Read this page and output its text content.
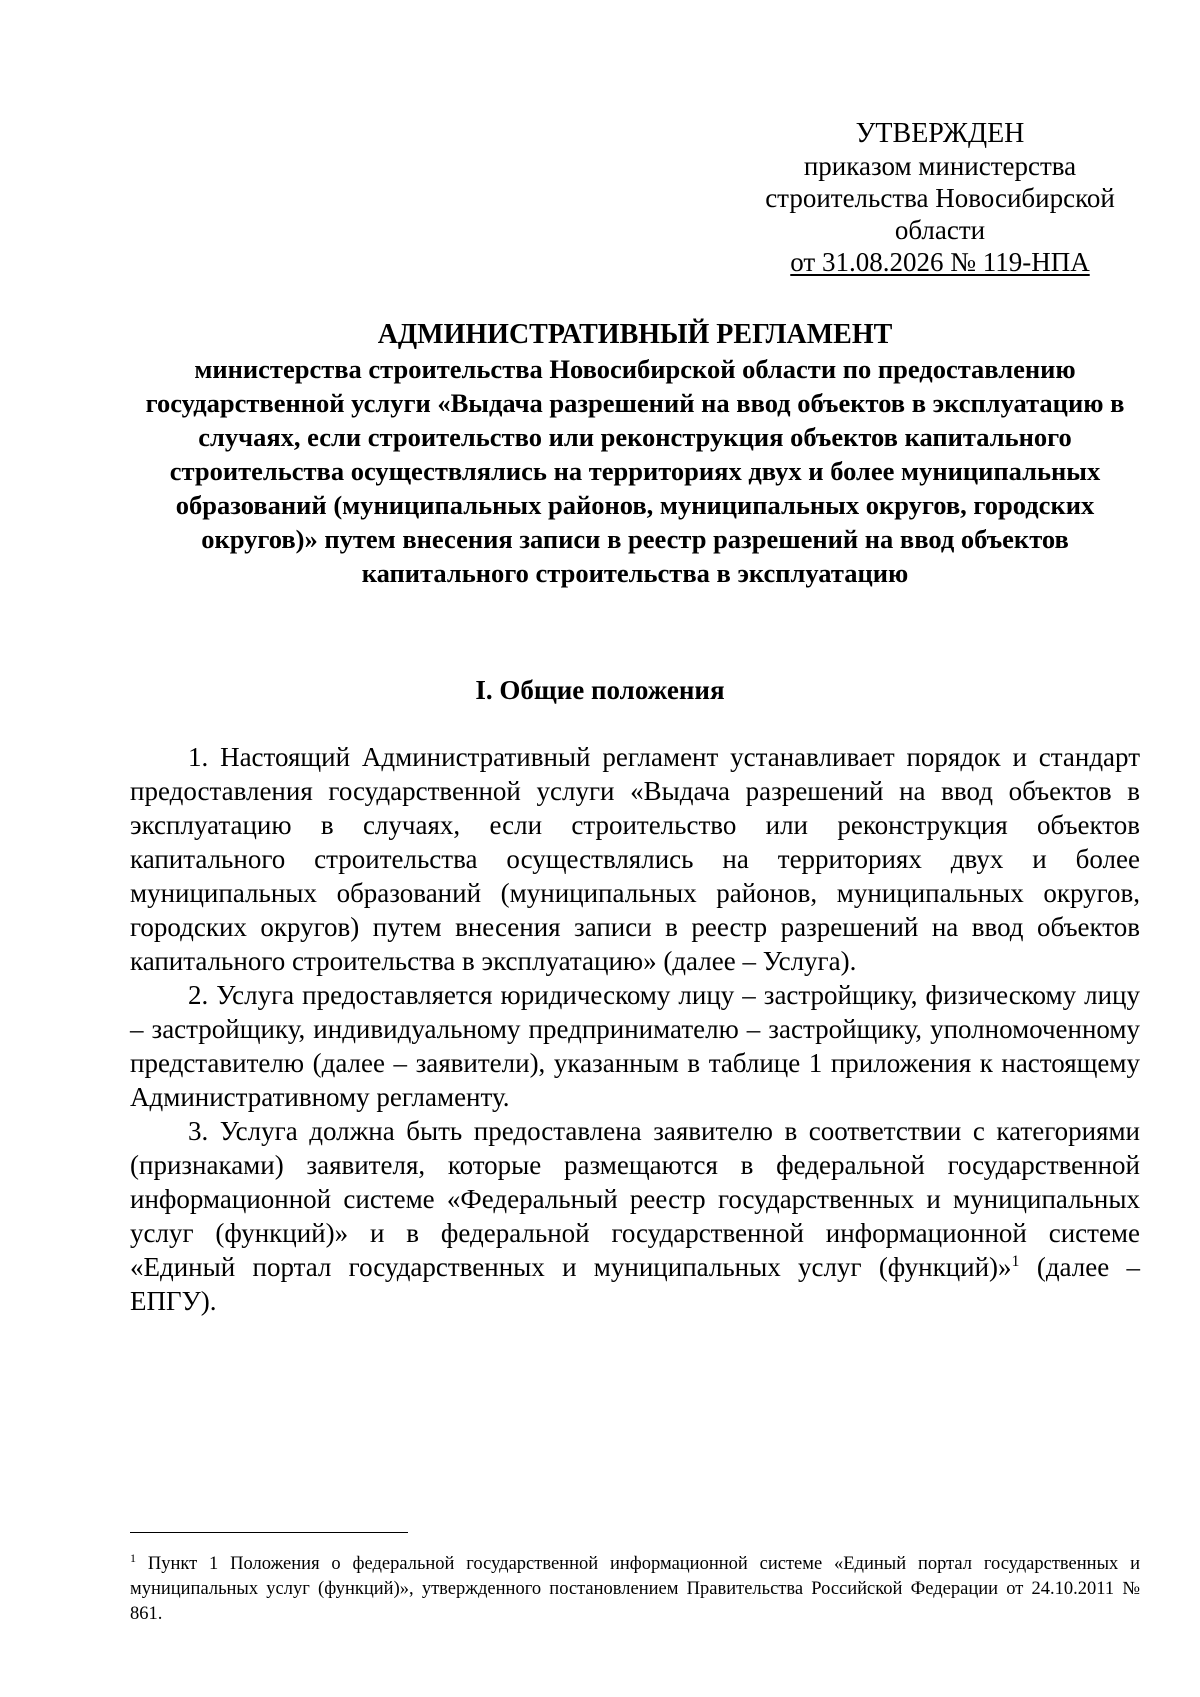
УТВЕРЖДЕН
приказом министерства
строительства Новосибирской
области
от 31.08.2026 № 119-НПА
АДМИНИСТРАТИВНЫЙ РЕГЛАМЕНТ
министерства строительства Новосибирской области по предоставлению государственной услуги «Выдача разрешений на ввод объектов в эксплуатацию в случаях, если строительство или реконструкция объектов капитального строительства осуществлялись на территориях двух и более муниципальных образований (муниципальных районов, муниципальных округов, городских округов)» путем внесения записи в реестр разрешений на ввод объектов капитального строительства в эксплуатацию
I. Общие положения

1. Настоящий Административный регламент устанавливает порядок и стандарт предоставления государственной услуги «Выдача разрешений на ввод объектов в эксплуатацию в случаях, если строительство или реконструкция объектов капитального строительства осуществлялись на территориях двух и более муниципальных образований (муниципальных районов, муниципальных округов, городских округов) путем внесения записи в реестр разрешений на ввод объектов капитального строительства в эксплуатацию» (далее – Услуга).

2. Услуга предоставляется юридическому лицу – застройщику, физическому лицу – застройщику, индивидуальному предпринимателю – застройщику, уполномоченному представителю (далее – заявители), указанным в таблице 1 приложения к настоящему Административному регламенту.

3. Услуга должна быть предоставлена заявителю в соответствии с категориями (признаками) заявителя, которые размещаются в федеральной государственной информационной системе «Федеральный реестр государственных и муниципальных услуг (функций)» и в федеральной государственной информационной системе «Единый портал государственных и муниципальных услуг (функций)»$^1$ (далее – ЕПГУ).

$^1$ Пункт 1 Положения о федеральной государственной информационной системе «Единый портал государственных и муниципальных услуг (функций)», утвержденного постановлением Правительства Российской Федерации от 24.10.2011 № 861.
